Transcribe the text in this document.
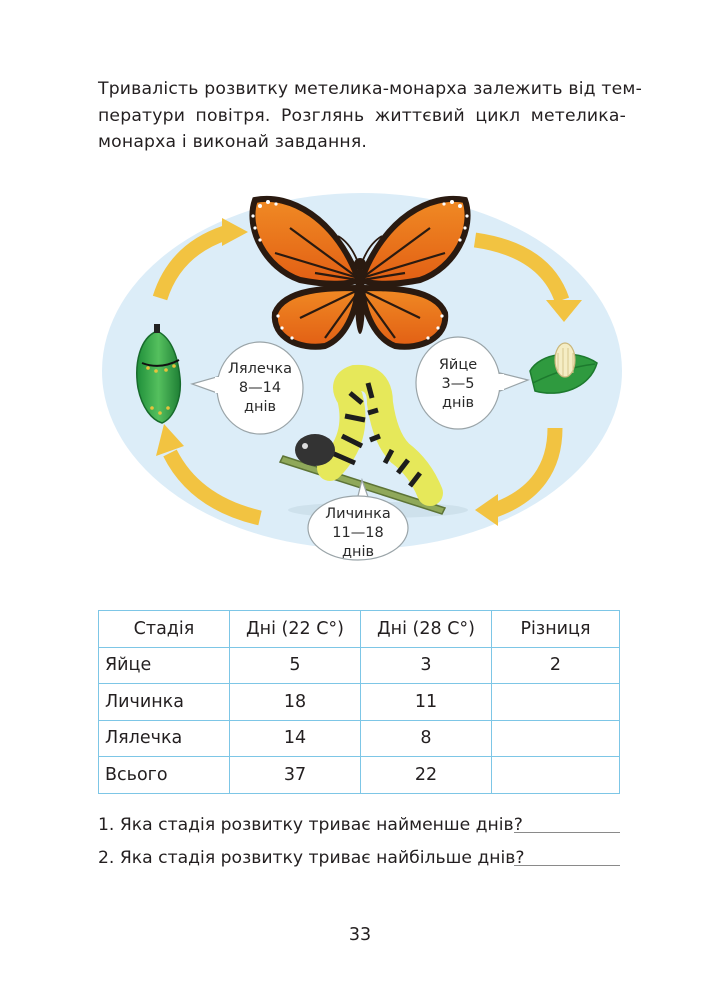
Тривалість розвитку метелика-монарха залежить від тем-
ператури повітря. Розглянь життєвий цикл метелика-
монарха і виконай завдання.

Лялечка
8—14
днів
Яйце
3—5
днів
Личинка
11—18
днів
Стадія	Дні (22 С°)	Дні (28 С°)	Різниця
Яйце	5	3	2
Личинка	18	11	
Лялечка	14	8	
Всього	37	22	
1. Яка стадія розвитку триває найменше днів?
2. Яка стадія розвитку триває найбільше днів?
33
